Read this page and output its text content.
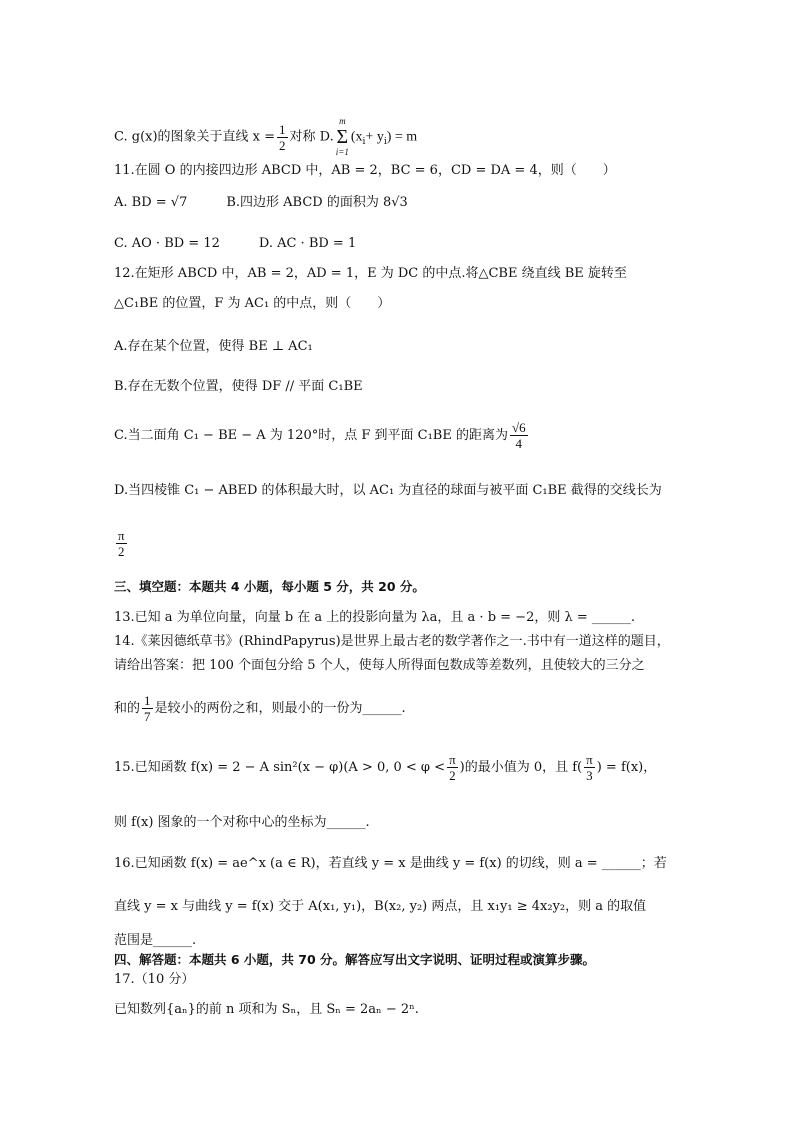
C. g(x)的图象关于直线 $x = \frac{1}{2}$ 对称 D.
m
Σ
i=1
$(x_i+ y_i) = m$
11.在圆 O 的内接四边形 ABCD 中，AB = 2，BC = 6，CD = DA = 4，则（　　）
A. BD = √7　　　B.四边形 ABCD 的面积为 8√3
C. AO · BD = 12　　　D. AC · BD = 1
12.在矩形 ABCD 中，AB = 2，AD = 1，E 为 DC 的中点.将△CBE 绕直线 BE 旋转至
△C₁BE 的位置，F 为 AC₁ 的中点，则（　　）
A.存在某个位置，使得 BE ⊥ AC₁
B.存在无数个位置，使得 DF // 平面 C₁BE
C.当二面角 C₁ − BE − A 为 120°时，点 F 到平面 C₁BE 的距离为 $\frac{√6}{4}$
D.当四棱锥 C₁ − ABED 的体积最大时，以 AC₁ 为直径的球面与被平面 C₁BE 截得的交线长为
$\frac{\pi}{2}$
三、填空题：本题共 4 小题，每小题 5 分，共 20 分。
13.已知 a 为单位向量，向量 b 在 a 上的投影向量为 λa，且 a · b = −2，则 λ = ______.
14.《莱因德纸草书》(RhindPapyrus)是世界上最古老的数学著作之一.书中有一道这样的题目，
请给出答案：把 100 个面包分给 5 个人，使每人所得面包数成等差数列，且使较大的三分之
和的 $\frac{1}{7}$ 是较小的两份之和，则最小的一份为______.
15.已知函数 f(x) = 2 − A sin²(x − φ)(A > 0, $0 < \varphi < \frac{\pi}{2}$ )的最小值为 0，且 $f( \frac{\pi}{3}$ ) = f(x)，
则 f(x) 图象的一个对称中心的坐标为______.
16.已知函数 f(x) = ae^x (a ∈ R)，若直线 y = x 是曲线 y = f(x) 的切线，则 a = ______；若
直线 y = x 与曲线 y = f(x) 交于 A(x₁, y₁)，B(x₂, y₂) 两点，且 x₁y₁ ≥ 4x₂y₂，则 a 的取值
范围是______.
四、解答题：本题共 6 小题，共 70 分。解答应写出文字说明、证明过程或演算步骤。
17.（10 分）
已知数列{aₙ}的前 n 项和为 Sₙ，且 Sₙ = 2aₙ − 2ⁿ.
